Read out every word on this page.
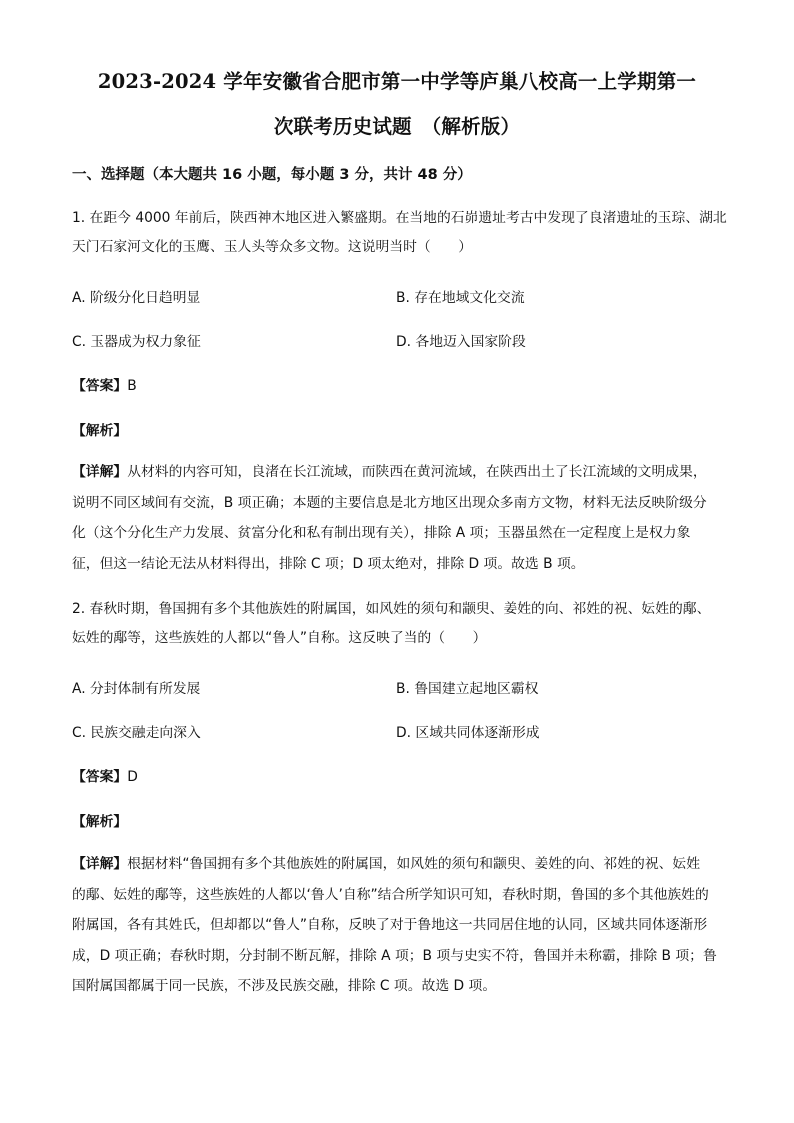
2023-2024 学年安徽省合肥市第一中学等庐巢八校高一上学期第一
次联考历史试题　（解析版）
一、选择题（本大题共 16 小题，每小题 3 分，共计 48 分）
1. 在距今 4000 年前后，陕西神木地区进入繁盛期。在当地的石峁遗址考古中发现了良渚遗址的玉琮、湖北
天门石家河文化的玉鹰、玉人头等众多文物。这说明当时（　　）
A. 阶级分化日趋明显	B. 存在地域文化交流
C. 玉器成为权力象征	D. 各地迈入国家阶段
【答案】B
【解析】
【详解】从材料的内容可知，良渚在长江流域，而陕西在黄河流域，在陕西出土了长江流域的文明成果，
说明不同区域间有交流，B 项正确；本题的主要信息是北方地区出现众多南方文物，材料无法反映阶级分
化（这个分化生产力发展、贫富分化和私有制出现有关），排除 A 项；玉器虽然在一定程度上是权力象
征，但这一结论无法从材料得出，排除 C 项；D 项太绝对，排除 D 项。故选 B 项。
2. 春秋时期，鲁国拥有多个其他族姓的附属国，如风姓的须句和颛臾、姜姓的向、祁姓的祝、妘姓的鄅、
妘姓的鄅等，这些族姓的人都以“鲁人”自称。这反映了当的（　　）
A. 分封体制有所发展	B. 鲁国建立起地区霸权
C. 民族交融走向深入	D. 区域共同体逐渐形成
【答案】D
【解析】
【详解】根据材料“鲁国拥有多个其他族姓的附属国，如风姓的须句和颛臾、姜姓的向、祁姓的祝、妘姓
的鄅、妘姓的鄅等，这些族姓的人都以‘鲁人’自称”结合所学知识可知，春秋时期，鲁国的多个其他族姓的
附属国，各有其姓氏，但却都以“鲁人”自称，反映了对于鲁地这一共同居住地的认同，区域共同体逐渐形
成，D 项正确；春秋时期，分封制不断瓦解，排除 A 项；B 项与史实不符，鲁国并未称霸，排除 B 项；鲁
国附属国都属于同一民族，不涉及民族交融，排除 C 项。故选 D 项。
